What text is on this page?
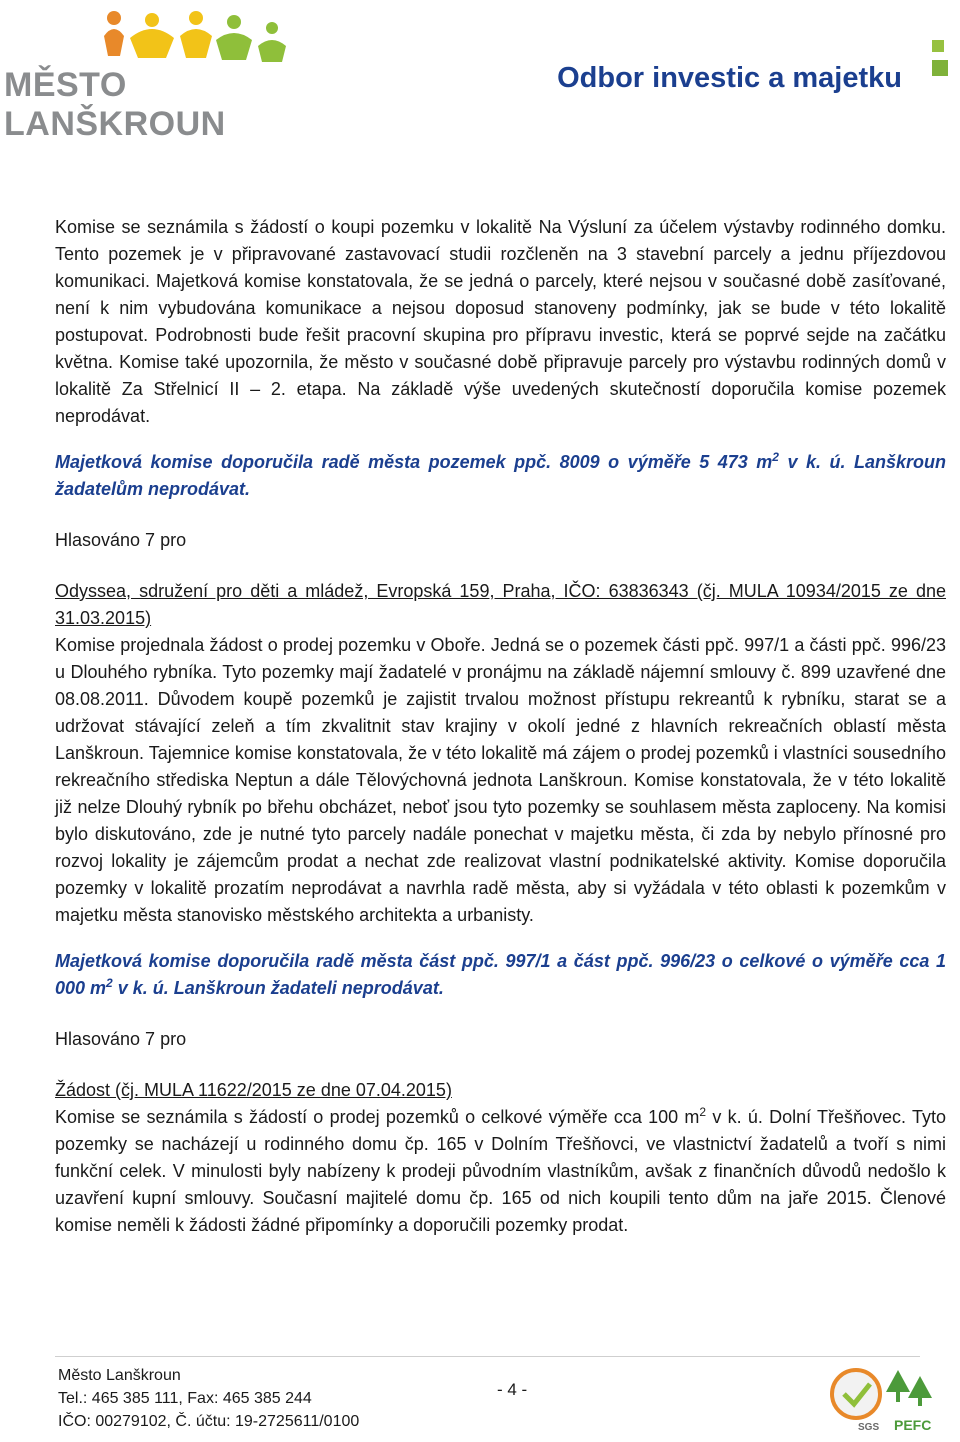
MĚSTO LANŠKROUN
Odbor investic a majetku

Komise se seznámila s žádostí o koupi pozemku v lokalitě Na Výsluní za účelem výstavby rodinného domku. Tento pozemek je v připravované zastavovací studii rozčleněn na 3 stavební parcely a jednu příjezdovou komunikaci. Majetková komise konstatovala, že se jedná o parcely, které nejsou v současné době zasíťované, není k nim vybudována komunikace a nejsou doposud stanoveny podmínky, jak se bude v této lokalitě postupovat. Podrobnosti bude řešit pracovní skupina pro přípravu investic, která se poprvé sejde na začátku května. Komise také upozornila, že město v současné době připravuje parcely pro výstavbu rodinných domů v lokalitě Za Střelnicí II – 2. etapa. Na základě výše uvedených skutečností doporučila komise pozemek neprodávat.

Majetková komise doporučila radě města pozemek ppč. 8009 o výměře 5 473 $m^2$ v k. ú. Lanškroun žadatelům neprodávat.

Hlasováno 7 pro

Odyssea, sdružení pro děti a mládež, Evropská 159, Praha, IČO: 63836343 (čj. MULA 10934/2015 ze dne 31.03.2015)

Komise projednala žádost o prodej pozemku v Oboře. Jedná se o pozemek části ppč. 997/1 a části ppč. 996/23 u Dlouhého rybníka. Tyto pozemky mají žadatelé v pronájmu na základě nájemní smlouvy č. 899 uzavřené dne 08.08.2011. Důvodem koupě pozemků je zajistit trvalou možnost přístupu rekreantů k rybníku, starat se a udržovat stávající zeleň a tím zkvalitnit stav krajiny v okolí jedné z hlavních rekreačních oblastí města Lanškroun. Tajemnice komise konstatovala, že v této lokalitě má zájem o prodej pozemků i vlastníci sousedního rekreačního střediska Neptun a dále Tělovýchovná jednota Lanškroun. Komise konstatovala, že v této lokalitě již nelze Dlouhý rybník po břehu obcházet, neboť jsou tyto pozemky se souhlasem města zaploceny. Na komisi bylo diskutováno, zde je nutné tyto parcely nadále ponechat v majetku města, či zda by nebylo přínosné pro rozvoj lokality je zájemcům prodat a nechat zde realizovat vlastní podnikatelské aktivity. Komise doporučila pozemky v lokalitě prozatím neprodávat a navrhla radě města, aby si vyžádala v této oblasti k pozemkům v majetku města stanovisko městského architekta a urbanisty.

Majetková komise doporučila radě města část ppč. 997/1 a část ppč. 996/23 o celkové o výměře cca 1 000 $m^2$ v k. ú. Lanškroun žadateli neprodávat.

Hlasováno 7 pro

Žádost (čj. MULA 11622/2015 ze dne 07.04.2015)

Komise se seznámila s žádostí o prodej pozemků o celkové výměře cca 100 $m^2$ v k. ú. Dolní Třešňovec. Tyto pozemky se nacházejí u rodinného domu čp. 165 v Dolním Třešňovci, ve vlastnictví žadatelů a tvoří s nimi funkční celek. V minulosti byly nabízeny k prodeji původním vlastníkům, avšak z finančních důvodů nedošlo k uzavření kupní smlouvy. Současní majitelé domu čp. 165 od nich koupili tento dům na jaře 2015. Členové komise neměli k žádosti žádné připomínky a doporučili pozemky prodat.

Město Lanškroun
Tel.: 465 385 111, Fax: 465 385 244
IČO: 00279102, Č. účtu: 19-2725611/0100
- 4 -
SGS PEFC
